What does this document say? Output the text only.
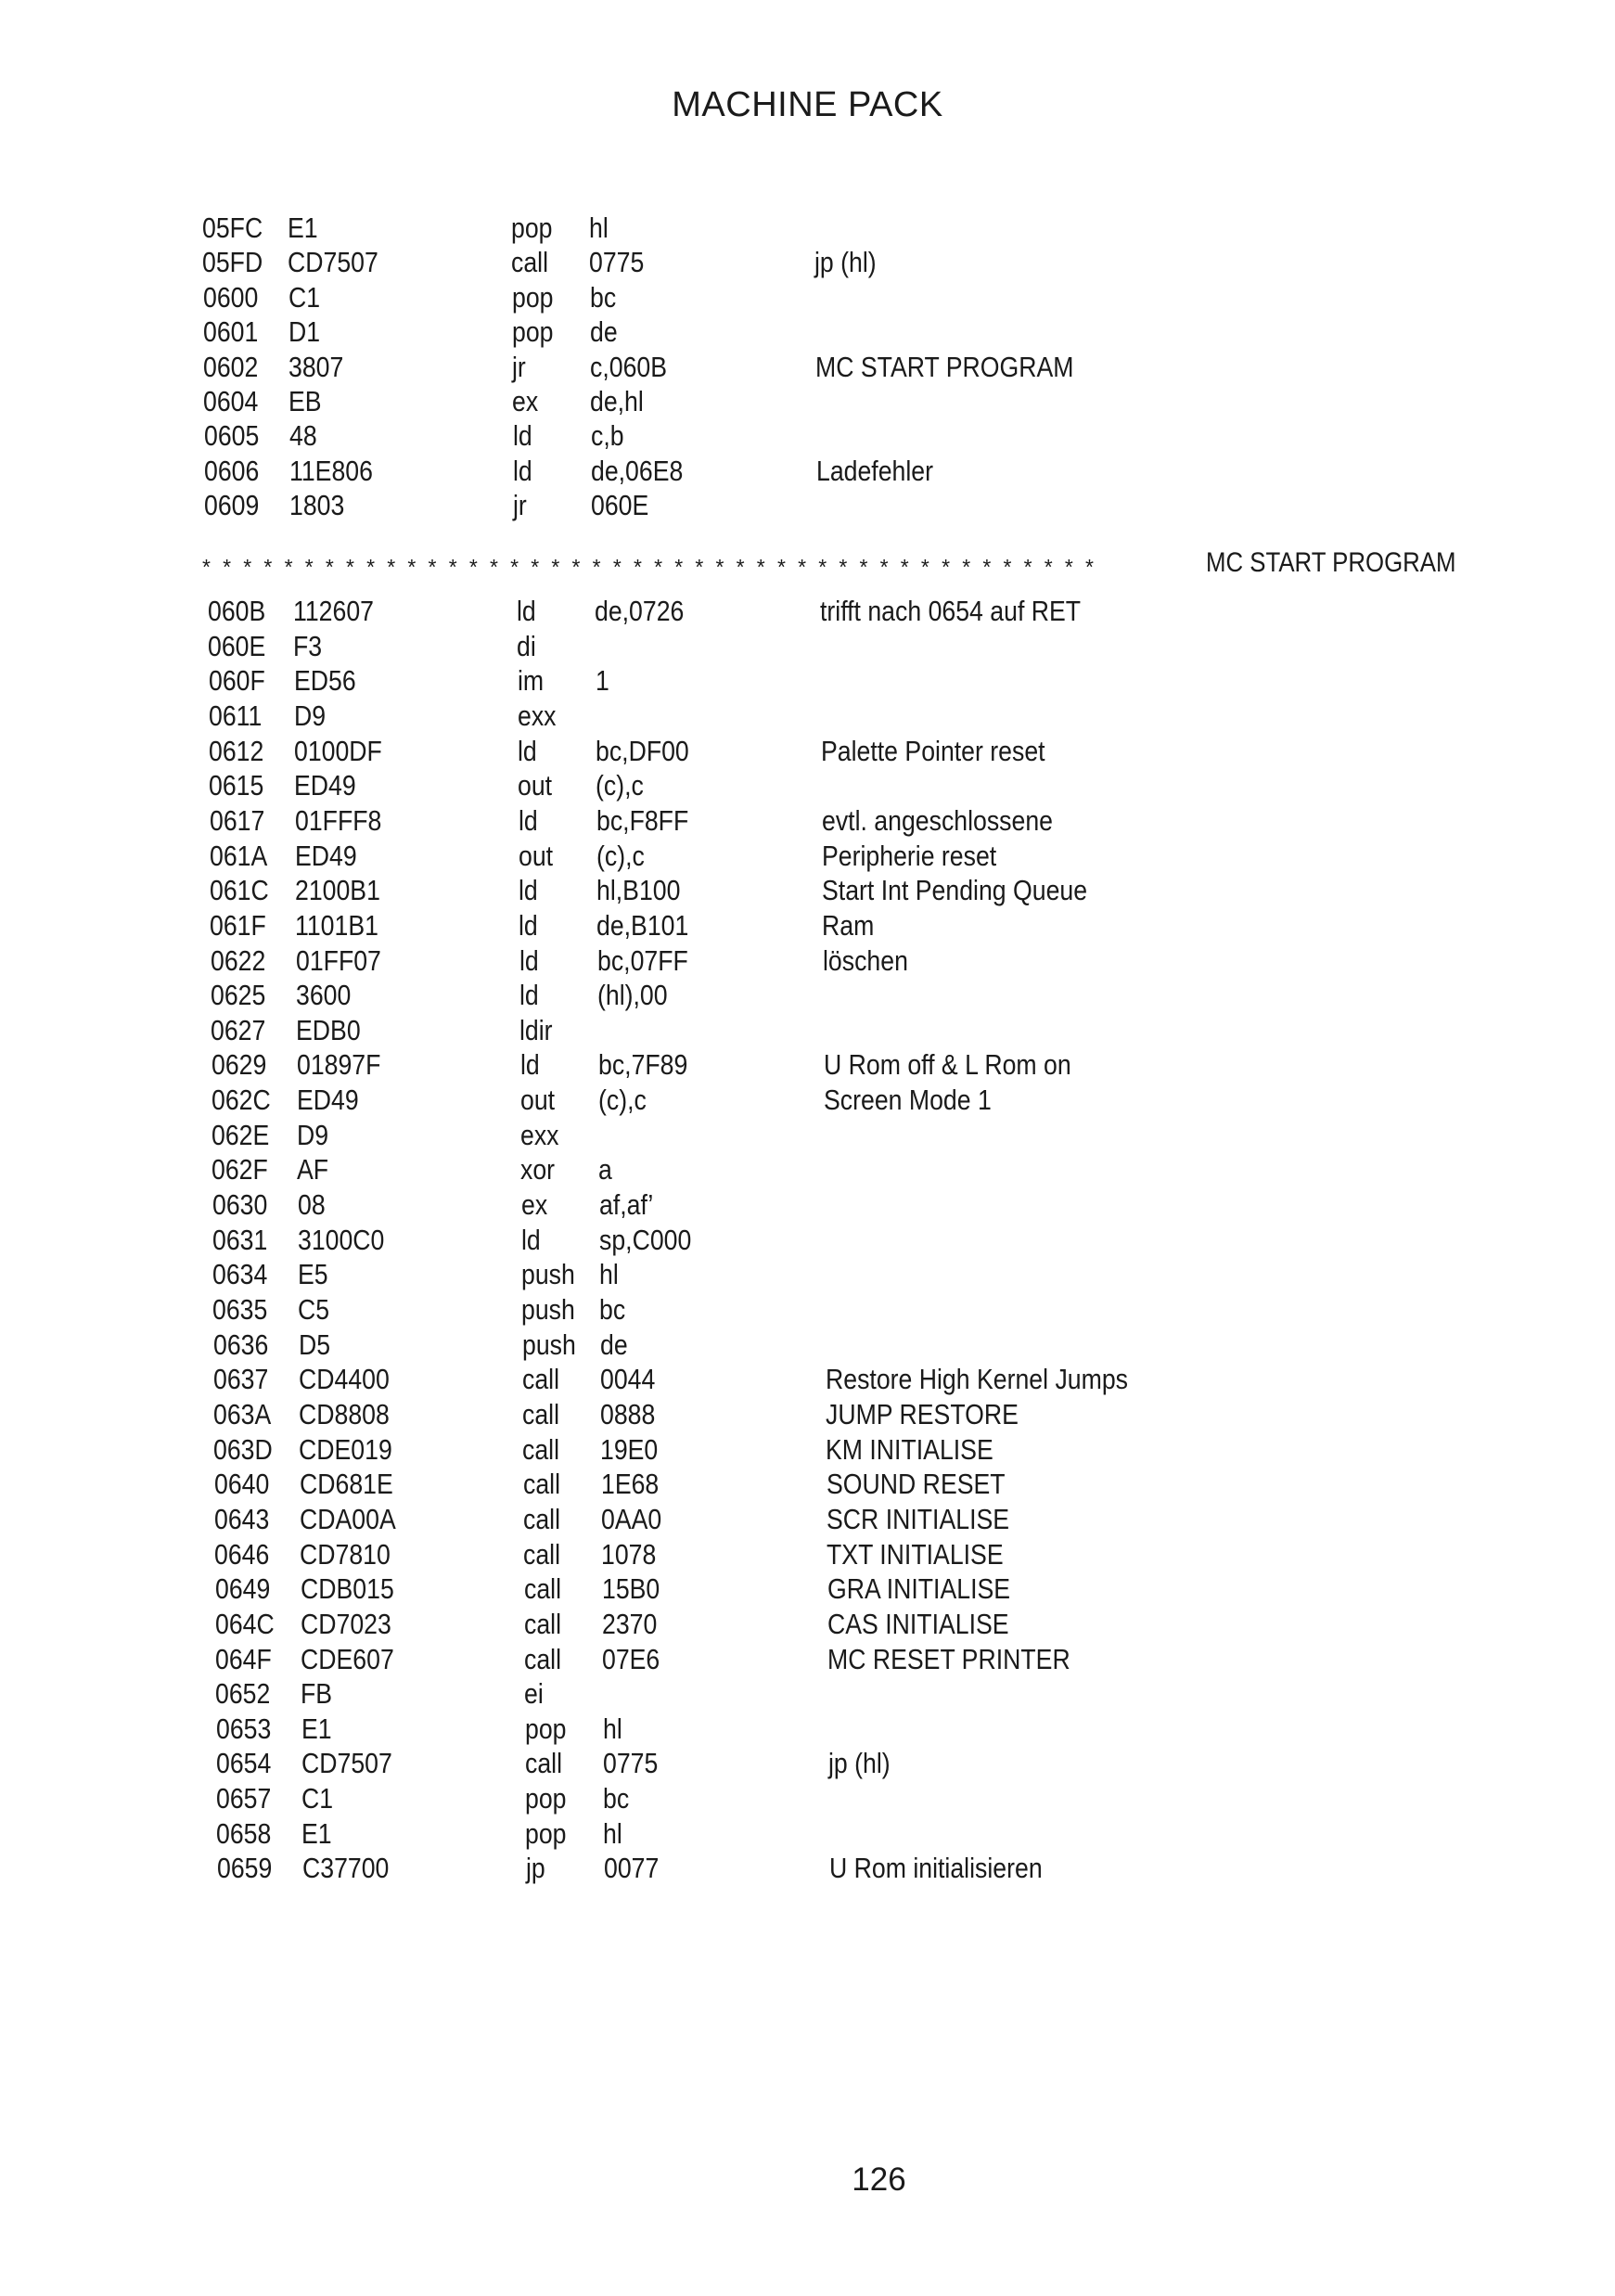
MACHINE PACK
05FC E1	pop hl
05FD CD7507	call 0775	jp (hl)
0600 C1	pop bc
0601 D1	pop de
0602 3807	jr c,060B	MC START PROGRAM
0604 EB	ex de,hl
0605 48	ld c,b
0606 11E806	ld de,06E8	Ladefehler
0609 1803	jr 060E
* * * * * * * * * * * * * * * * * * * * * * * * * * * * * * * * * * * * * * * * * * * *	MC START PROGRAM
060B 112607	ld de,0726	trifft nach 0654 auf RET
060E F3	di
060F ED56	im 1
0611 D9	exx
0612 0100DF	ld bc,DF00	Palette Pointer reset
0615 ED49	out (c),c
0617 01FFF8	ld bc,F8FF	evtl. angeschlossene
061A ED49	out (c),c	Peripherie reset
061C 2100B1	ld hl,B100	Start Int Pending Queue
061F 1101B1	ld de,B101	Ram
0622 01FF07	ld bc,07FF	löschen
0625 3600	ld (hl),00
0627 EDB0	ldir
0629 01897F	ld bc,7F89	U Rom off & L Rom on
062C ED49	out (c),c	Screen Mode 1
062E D9	exx
062F AF	xor a
0630 08	ex af,af’
0631 3100C0	ld sp,C000
0634 E5	push hl
0635 C5	push bc
0636 D5	push de
0637 CD4400	call 0044	Restore High Kernel Jumps
063A CD8808	call 0888	JUMP RESTORE
063D CDE019	call 19E0	KM INITIALISE
0640 CD681E	call 1E68	SOUND RESET
0643 CDA00A	call 0AA0	SCR INITIALISE
0646 CD7810	call 1078	TXT INITIALISE
0649 CDB015	call 15B0	GRA INITIALISE
064C CD7023	call 2370	CAS INITIALISE
064F CDE607	call 07E6	MC RESET PRINTER
0652 FB	ei
0653 E1	pop hl
0654 CD7507	call 0775	jp (hl)
0657 C1	pop bc
0658 E1	pop hl
0659 C37700	jp 0077	U Rom initialisieren
126
